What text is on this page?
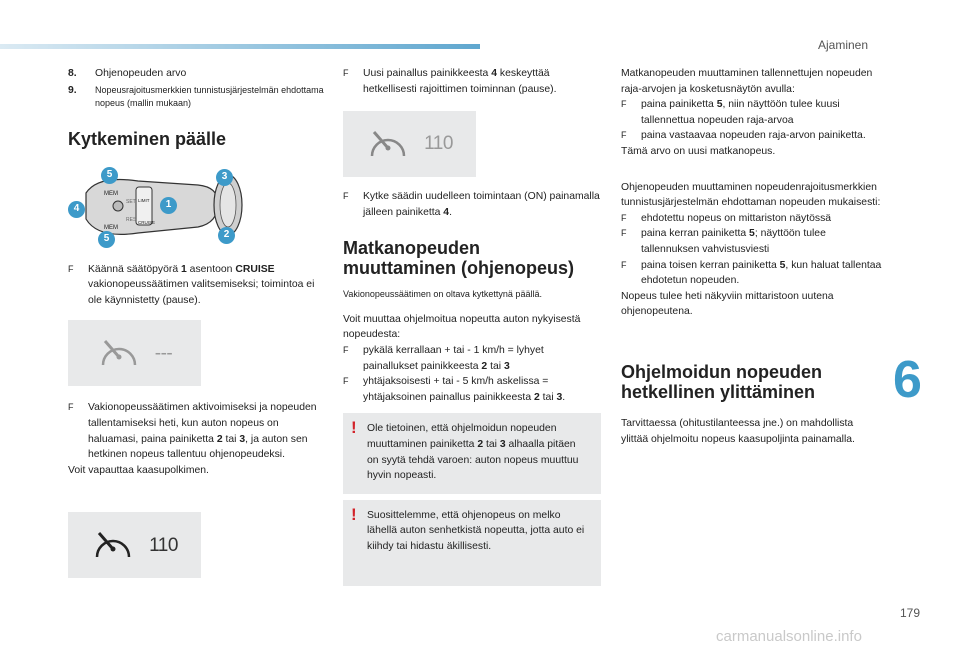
Ajaminen
6
179
carmanualsonline.info
8.	Ohjenopeuden arvo
9.	Nopeusrajoitusmerkkien tunnistusjärjestelmän ehdottama nopeus (mallin mukaan)
Kytkeminen päälle
MEM
SET
RES
MEM
LIMIT
CRUISE
5	3
1
4
2
5
F	Käännä säätöpyörä 1 asentoon CRUISE vakionopeussäätimen valitsemiseksi; toimintoa ei ole käynnistetty (pause).
---
F	Vakionopeussäätimen aktivoimiseksi ja nopeuden tallentamiseksi heti, kun auton nopeus on haluamasi, paina painiketta 2 tai 3, ja auton sen hetkinen nopeus tallentuu ohjenopeudeksi.
Voit vapauttaa kaasupolkimen.
110
F	Uusi painallus painikkeesta 4 keskeyttää hetkellisesti rajoittimen toiminnan (pause).
110
F	Kytke säädin uudelleen toimintaan (ON) painamalla jälleen painiketta 4.
Matkanopeuden
muuttaminen (ohjenopeus)
Vakionopeussäätimen on oltava kytkettynä päällä.
Voit muuttaa ohjelmoitua nopeutta auton nykyisestä nopeudesta:
F	pykälä kerrallaan + tai - 1 km/h = lyhyet painallukset painikkeesta 2 tai 3
F	yhtäjaksoisesti + tai - 5 km/h askelissa = yhtäjaksoinen painallus painikkeesta 2 tai 3.
! Ole tietoinen, että ohjelmoidun nopeuden muuttaminen painiketta 2 tai 3 alhaalla pitäen on syytä tehdä varoen: auton nopeus muuttuu hyvin nopeasti.
! Suosittelemme, että ohjenopeus on melko lähellä auton senhetkistä nopeutta, jotta auto ei kiihdy tai hidastu äkillisesti.
Matkanopeuden muuttaminen tallennettujen nopeuden raja-arvojen ja kosketusnäytön avulla:
F	paina painiketta 5, niin näyttöön tulee kuusi tallennettua nopeuden raja-arvoa
F	paina vastaavaa nopeuden raja-arvon painiketta.
Tämä arvo on uusi matkanopeus.
Ohjenopeuden muuttaminen nopeudenrajoitusmerkkien tunnistusjärjestelmän ehdottaman nopeuden mukaisesti:
F	ehdotettu nopeus on mittariston näytössä
F	paina kerran painiketta 5; näyttöön tulee tallennuksen vahvistusviesti
F	paina toisen kerran painiketta 5, kun haluat tallentaa ehdotetun nopeuden.
Nopeus tulee heti näkyviin mittaristoon uutena ohjenopeutena.
Ohjelmoidun nopeuden
hetkellinen ylittäminen
Tarvittaessa (ohitustilanteessa jne.) on mahdollista ylittää ohjelmoitu nopeus kaasupoljinta painamalla.
